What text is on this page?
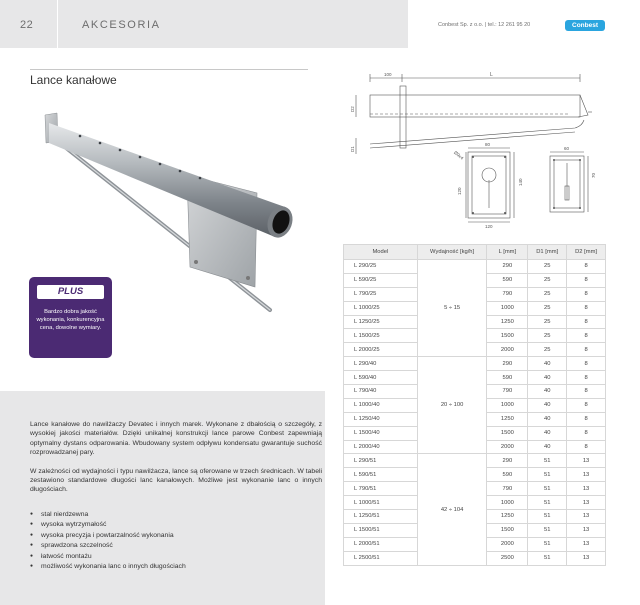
22	AKCESORIA	Conbest Sp. z o.o. | tel.: 12 261 95 20	Conbest
Lance kanałowe
PLUS
Bardzo dobra jakość wykonania, konkurencyjna cena, dowolne wymiary.
100	L
D2
D1
80
120
140
120
Ø9x4
60
70

Lance kanałowe do nawilżaczy Devatec i innych marek. Wykonane z dbałością o szczegóły, z wysokiej jakości materiałów. Dzięki unikalnej konstrukcji lance parowe Conbest zapewniają optymalny dystans odparowania. Wbudowany system odpływu kondensatu gwarantuje suchość rozprowadzanej pary.

W zależności od wydajności i typu nawilżacza, lance są oferowane w trzech średnicach. W tabeli zestawiono standardowe długości lanc kanałowych. Możliwe jest wykonanie lanc o innych długościach.

● stal nierdzewna
● wysoka wytrzymałość
● wysoka precyzja i powtarzalność wykonania
● sprawdzona szczelność
● łatwość montażu
● możliwość wykonania lanc o innych długościach
Model	Wydajność [kg/h]	L [mm]	D1 [mm]	D2 [mm]
L 290/25	5 ÷ 15	290	25	8
L 590/25		590	25	8
L 790/25		790	25	8
L 1000/25		1000	25	8
L 1250/25		1250	25	8
L 1500/25		1500	25	8
L 2000/25		2000	25	8
L 290/40	20 ÷ 100	290	40	8
L 590/40		590	40	8
L 790/40		790	40	8
L 1000/40		1000	40	8
L 1250/40		1250	40	8
L 1500/40		1500	40	8
L 2000/40		2000	40	8
L 290/51	42 ÷ 104	290	51	13
L 590/51		590	51	13
L 790/51		790	51	13
L 1000/51		1000	51	13
L 1250/51		1250	51	13
L 1500/51		1500	51	13
L 2000/51		2000	51	13
L 2500/51		2500	51	13
